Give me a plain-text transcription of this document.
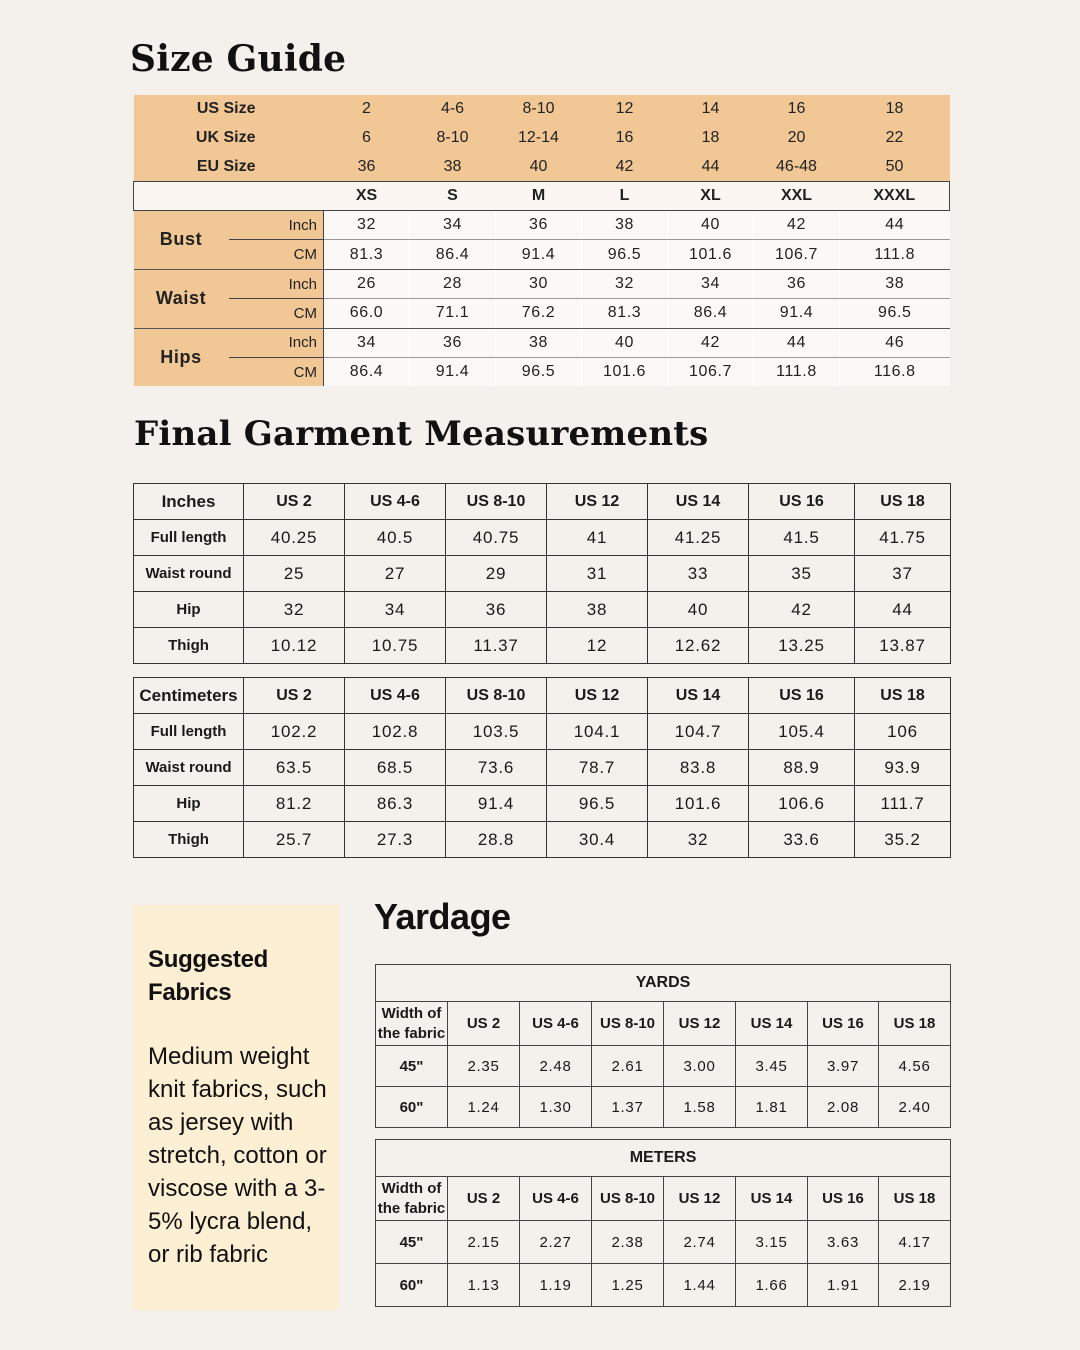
Size Guide
Final Garment Measurements
Yardage
US Size		2	4-6	8-10	12	14	16	18
UK Size		6	8-10	12-14	16	18	20	22
EU Size		36	38	40	42	44	46-48	50
		XS	S	M	L	XL	XXL	XXXL
Bust	Inch	32	34	36	38	40	42	44
	CM	81.3	86.4	91.4	96.5	101.6	106.7	111.8
Waist	Inch	26	28	30	32	34	36	38
	CM	66.0	71.1	76.2	81.3	86.4	91.4	96.5
Hips	Inch	34	36	38	40	42	44	46
	CM	86.4	91.4	96.5	101.6	106.7	111.8	116.8
Inches	US 2	US 4-6	US 8-10	US 12	US 14	US 16	US 18
Full length	40.25	40.5	40.75	41	41.25	41.5	41.75
Waist round	25	27	29	31	33	35	37
Hip	32	34	36	38	40	42	44
Thigh	10.12	10.75	11.37	12	12.62	13.25	13.87
Centimeters	US 2	US 4-6	US 8-10	US 12	US 14	US 16	US 18
Full length	102.2	102.8	103.5	104.1	104.7	105.4	106
Waist round	63.5	68.5	73.6	78.7	83.8	88.9	93.9
Hip	81.2	86.3	91.4	96.5	101.6	106.6	111.7
Thigh	25.7	27.3	28.8	30.4	32	33.6	35.2
Suggested Fabrics
Medium weight knit fabrics, such as jersey with stretch, cotton or viscose with a 3-5% lycra blend, or rib fabric
YARDS							
Width of the fabric	US 2	US 4-6	US 8-10	US 12	US 14	US 16	US 18
45"	2.35	2.48	2.61	3.00	3.45	3.97	4.56
60"	1.24	1.30	1.37	1.58	1.81	2.08	2.40
METERS							
Width of the fabric	US 2	US 4-6	US 8-10	US 12	US 14	US 16	US 18
45"	2.15	2.27	2.38	2.74	3.15	3.63	4.17
60"	1.13	1.19	1.25	1.44	1.66	1.91	2.19
